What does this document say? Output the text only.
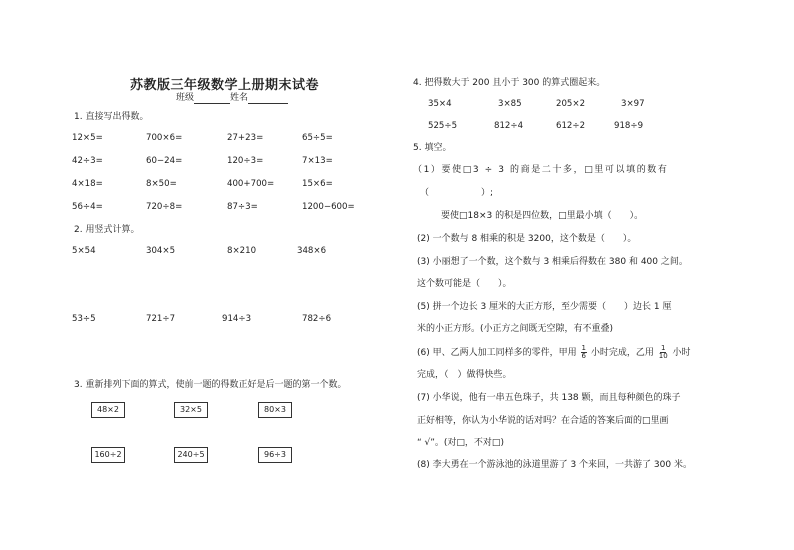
苏教版三年级数学上册期末试卷
班级	姓名
1. 直接写出得数。
12×5=	700×6=	27+23=	65÷5=
42÷3=	60−24=	120÷3=	7×13=
4×18=	8×50=	400+700=	15×6=
56÷4=	720÷8=	87÷3=	1200−600=
2. 用竖式计算。
5×54	304×5	8×210	348×6
53÷5	721÷7	914÷3	782÷6
3. 重新排列下面的算式，使前一题的得数正好是后一题的第一个数。
48×2	32×5	80×3
160÷2	240÷5	96÷3
4. 把得数大于 200 且小于 300 的算式圈起来。
35×4	3×85	205×2	3×97
525÷5	812÷4	612÷2	918÷9
5. 填空。
（1）要使□3 ÷ 3 的商是二十多，□里可以填的数有
（	）;
要使□18×3 的积是四位数，□里最小填（　　）。
(2) 一个数与 8 相乘的积是 3200，这个数是（　　）。
(3) 小丽想了一个数，这个数与 3 相乘后得数在 380 和 400 之间。
这个数可能是（　　）。
(5) 拼一个边长 3 厘米的大正方形，至少需要（　　）边长 1 厘
米的小正方形。(小正方之间既无空隙，有不重叠)
(6) 甲、乙两人加工同样多的零件，甲用 $\frac{1}{6}$ 小时完成，乙用 $\frac{1}{10}$ 小时
完成，（　）做得快些。
(7) 小华说，他有一串五色珠子，共 138 颗，而且每种颜色的珠子
正好相等，你认为小华说的话对吗？在合适的答案后面的□里画
“ √”。(对□，不对□)
(8) 李大勇在一个游泳池的泳道里游了 3 个来回，一共游了 300 米。
